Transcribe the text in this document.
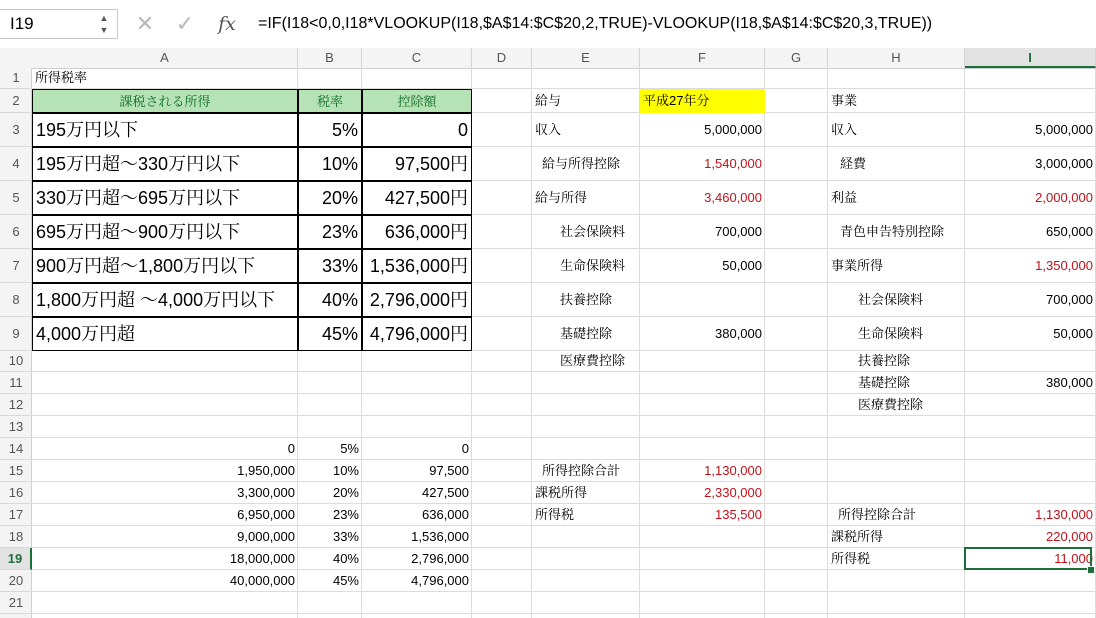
I19	▲
▼ ✕ ✓	fx	=IF(I18<0,0,I18*VLOOKUP(I18,$A$14:$C$20,2,TRUE)-VLOOKUP(I18,$A$14:$C$20,3,TRUE))
A	B	C	D	E	F	G	H	I
1
2
3
4
5
6
7
8
9
10
11
12
13
14
15
16
17
18
19
20
21
所得税率
課税される所得	税率	控除額
195万円以下	5%	0
195万円超〜330万円以下	10%	97,500円
330万円超〜695万円以下	20%	427,500円
695万円超〜900万円以下	23%	636,000円
900万円超〜1,800万円以下	33% 1,536,000円
1,800万円超 〜4,000万円以下	40% 2,796,000円
4,000万円超	45% 4,796,000円
0	5%	0
1,950,000	10%	97,500
3,300,000	20%	427,500
6,950,000	23%	636,000
9,000,000	33%	1,536,000
18,000,000	40%	2,796,000
40,000,000	45%	4,796,000
給与	平成27年分
収入	5,000,000
給与所得控除	1,540,000
給与所得	3,460,000
社会保険料	700,000
生命保険料	50,000
扶養控除
基礎控除	380,000
医療費控除
所得控除合計	1,130,000
課税所得	2,330,000
所得税	135,500
事業
収入	5,000,000
経費	3,000,000
利益	2,000,000
青色申告特別控除	650,000
事業所得	1,350,000
社会保険料	700,000
生命保険料	50,000
扶養控除
基礎控除	380,000
医療費控除
所得控除合計	1,130,000
課税所得	220,000
所得税	11,000
